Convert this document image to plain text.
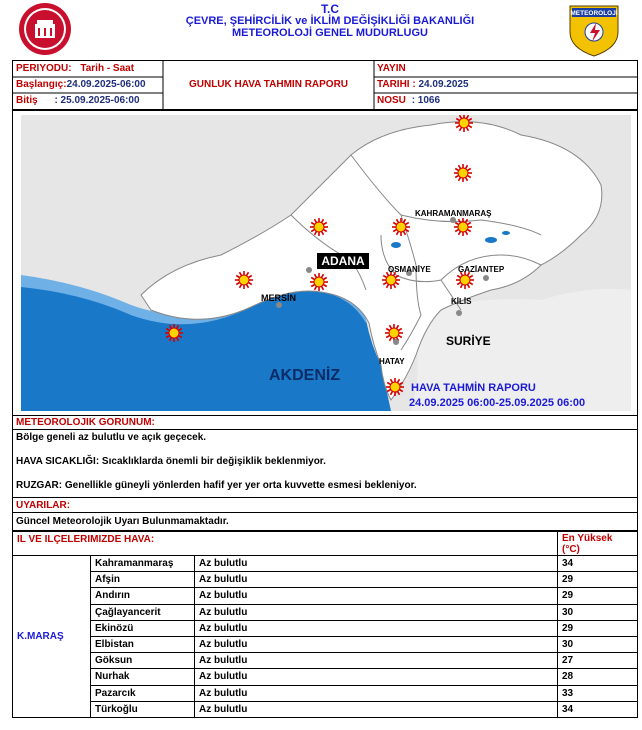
T.C
ÇEVRE, ŞEHİRCİLİK ve İKLİM DEĞİŞİKLİĞİ BAKANLIĞI
METEOROLOJİ GENEL MUDURLUGU
METEOROLOJİ
PERIYODU: Tarih - Saat
Başlangıç:24.09.2025-06:00
Bitiş : 25.09.2025-06:00
GUNLUK HAVA TAHMIN RAPORU
YAYIN
TARIHI : 24.09.2025
NOSU : 1066
ADANA
MERSİN
KAHRAMANMARAŞ
OSMANİYE	GAZİANTEP
KİLİS
HATAY
SURİYE
AKDENİZ
HAVA TAHMİN RAPORU
24.09.2025 06:00-25.09.2025 06:00
METEOROLOJIK GORUNUM:
Bölge geneli az bulutlu ve açık geçecek.
HAVA SICAKLIĞI: Sıcaklıklarda önemli bir değişiklik beklenmiyor.
RUZGAR: Genellikle güneyli yönlerden hafif yer yer orta kuvvette esmesi bekleniyor.
UYARILAR:
Güncel Meteorolojik Uyarı Bulunmamaktadır.
IL VE ILÇELERIMIZDE HAVA:			En Yüksek (°C)
K.MARAŞ	Kahramanmaraş	Az bulutlu	34
	Afşin	Az bulutlu	29
	Andırın	Az bulutlu	29
	Çağlayancerit	Az bulutlu	30
	Ekinözü	Az bulutlu	29
	Elbistan	Az bulutlu	30
	Göksun	Az bulutlu	27
	Nurhak	Az bulutlu	28
	Pazarcık	Az bulutlu	33
	Türkoğlu	Az bulutlu	34
